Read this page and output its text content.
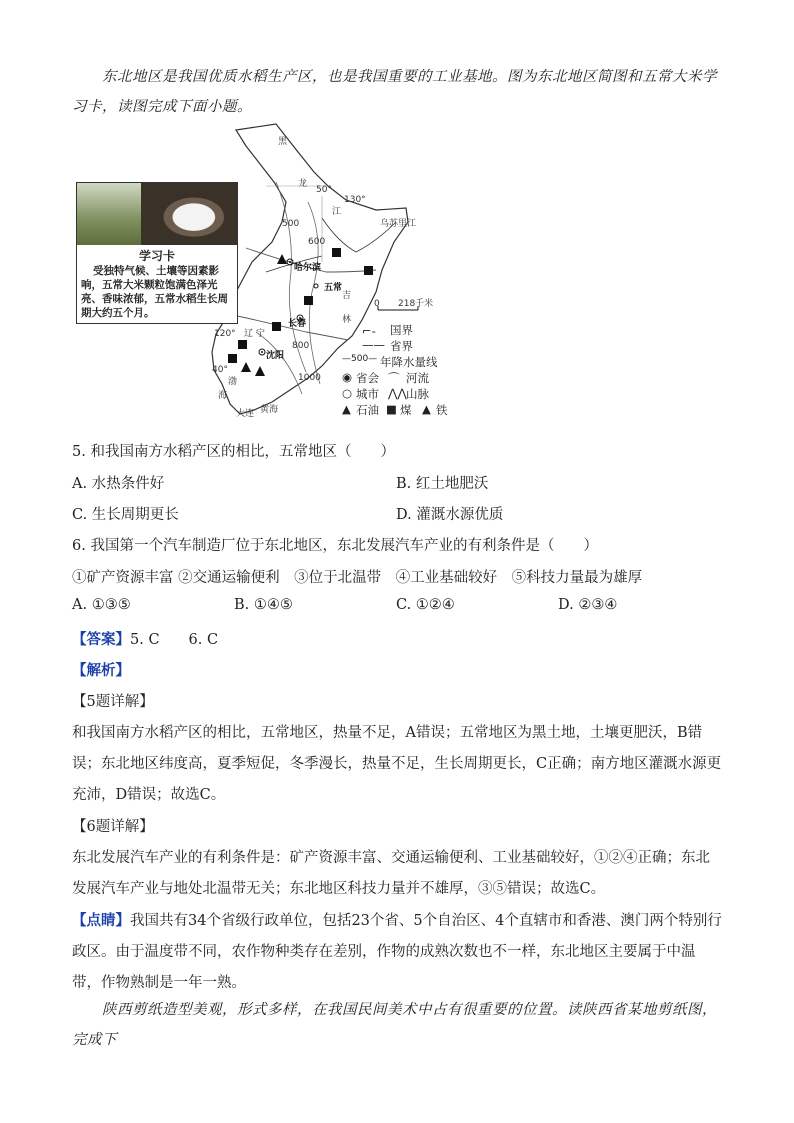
东北地区是我国优质水稻生产区，也是我国重要的工业基地。图为东北地区简图和五常大米学习卡，读图完成下面小题。
0 218千米
黑
龙
江
吉
林
辽 宁
哈尔滨
五常
长春
沈阳
大连
渤
海
黄海
乌苏里江
50°
130°
120°
40°
500
600
800
1000
学习卡
受独特气候、土壤等因素影响，五常大米颗粒饱满色泽光亮、香味浓郁，五常水稻生长周期大约五个月。
国界
⌐‐
省界
——
—500— 年降水量线
◉ 省会 ⌒ 河流
○ 城市 ⋀⋀ 山脉
▲ 石油 ■ 煤 ▲ 铁
5. 和我国南方水稻产区的相比，五常地区（　　）
A. 水热条件好	B. 红土地肥沃
C. 生长周期更长	D. 灌溉水源优质
6. 我国第一个汽车制造厂位于东北地区，东北发展汽车产业的有利条件是（　　）
①矿产资源丰富 ②交通运输便利　③位于北温带　④工业基础较好　⑤科技力量最为雄厚
A. ①③⑤	B. ①④⑤	C. ①②④	D. ②③④
【答案】5. C　　6. C
【解析】
【5题详解】
和我国南方水稻产区的相比，五常地区，热量不足，A错误；五常地区为黑土地，土壤更肥沃，B错误；东北地区纬度高，夏季短促，冬季漫长，热量不足，生长周期更长，C正确；南方地区灌溉水源更充沛，D错误；故选C。
【6题详解】
东北发展汽车产业的有利条件是：矿产资源丰富、交通运输便利、工业基础较好，①②④正确；东北发展汽车产业与地处北温带无关；东北地区科技力量并不雄厚，③⑤错误；故选C。
【点睛】我国共有34个省级行政单位，包括23个省、5个自治区、4个直辖市和香港、澳门两个特别行政区。由于温度带不同，农作物种类存在差别，作物的成熟次数也不一样，东北地区主要属于中温带，作物熟制是一年一熟。
陕西剪纸造型美观，形式多样，在我国民间美术中占有很重要的位置。读陕西省某地剪纸图，完成下
